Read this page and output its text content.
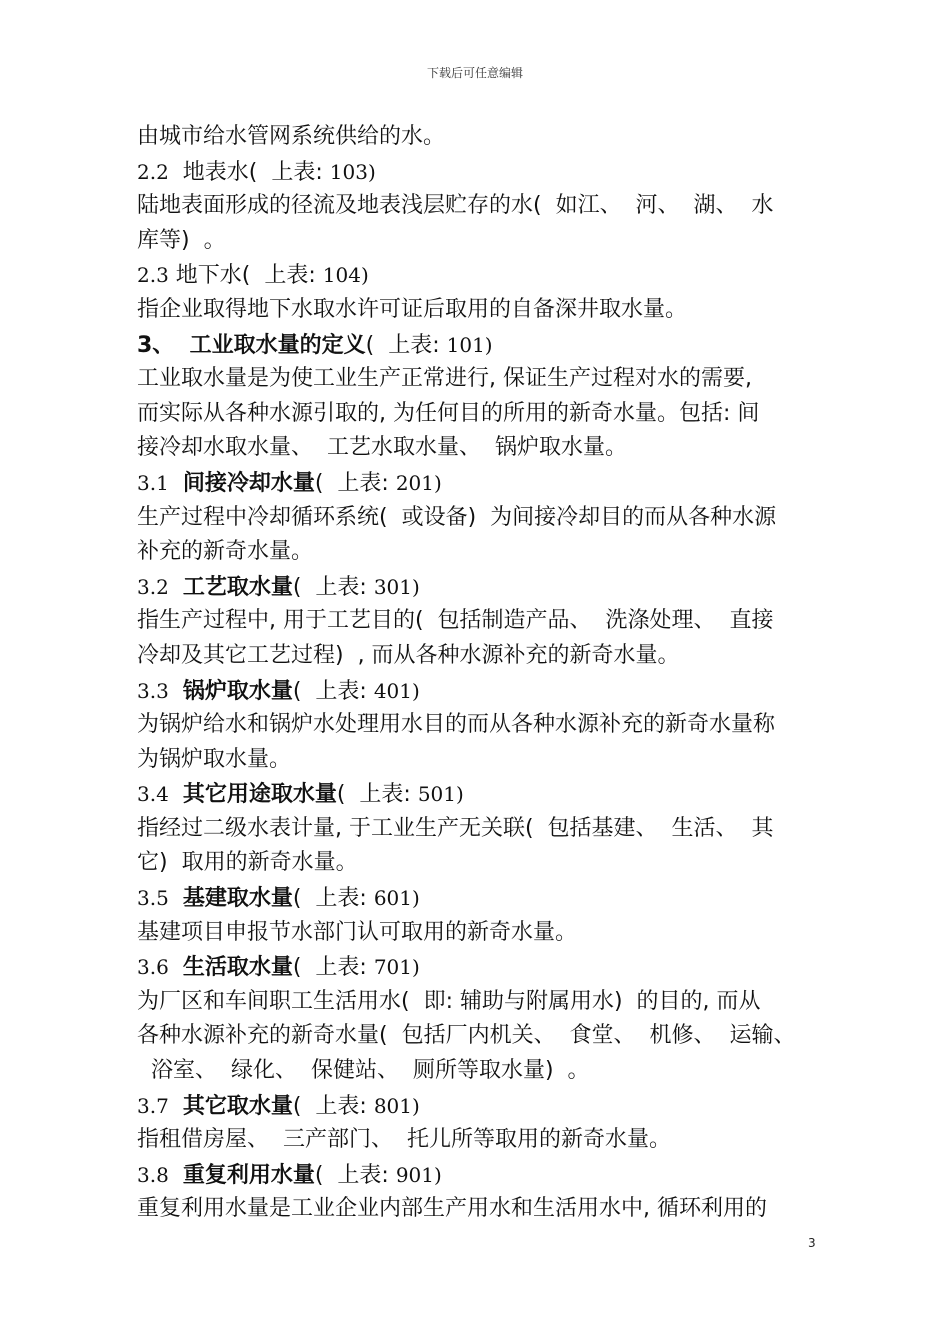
下载后可任意编辑
由城市给水管网系统供给的水。
2.2  地表水(  上表: 103)
陆地表面形成的径流及地表浅层贮存的水(  如江、  河、  湖、  水
库等)  。
2.3 地下水(  上表: 104)
指企业取得地下水取水许可证后取用的自备深井取水量。
3、  工业取水量的定义(  上表: 101)
工业取水量是为使工业生产正常进行, 保证生产过程对水的需要,
而实际从各种水源引取的, 为任何目的所用的新奇水量。包括: 间
接冷却水取水量、  工艺水取水量、  锅炉取水量。
3.1 间接冷却水量(  上表: 201)
生产过程中冷却循环系统(  或设备)  为间接冷却目的而从各种水源
补充的新奇水量。
3.2 工艺取水量(  上表: 301)
指生产过程中, 用于工艺目的(  包括制造产品、  洗涤处理、  直接
冷却及其它工艺过程)  , 而从各种水源补充的新奇水量。
3.3 锅炉取水量(  上表: 401)
为锅炉给水和锅炉水处理用水目的而从各种水源补充的新奇水量称
为锅炉取水量。
3.4 其它用途取水量(  上表: 501)
指经过二级水表计量, 于工业生产无关联(  包括基建、  生活、  其
它)  取用的新奇水量。
3.5 基建取水量(  上表: 601)
基建项目申报节水部门认可取用的新奇水量。
3.6 生活取水量(  上表: 701)
为厂区和车间职工生活用水(  即: 辅助与附属用水)  的目的, 而从
各种水源补充的新奇水量(  包括厂内机关、  食堂、  机修、  运输、
浴室、  绿化、  保健站、  厕所等取水量)  。
3.7 其它取水量(  上表: 801)
指租借房屋、  三产部门、  托儿所等取用的新奇水量。
3.8 重复利用水量(  上表: 901)
重复利用水量是工业企业内部生产用水和生活用水中, 循环利用的
3
